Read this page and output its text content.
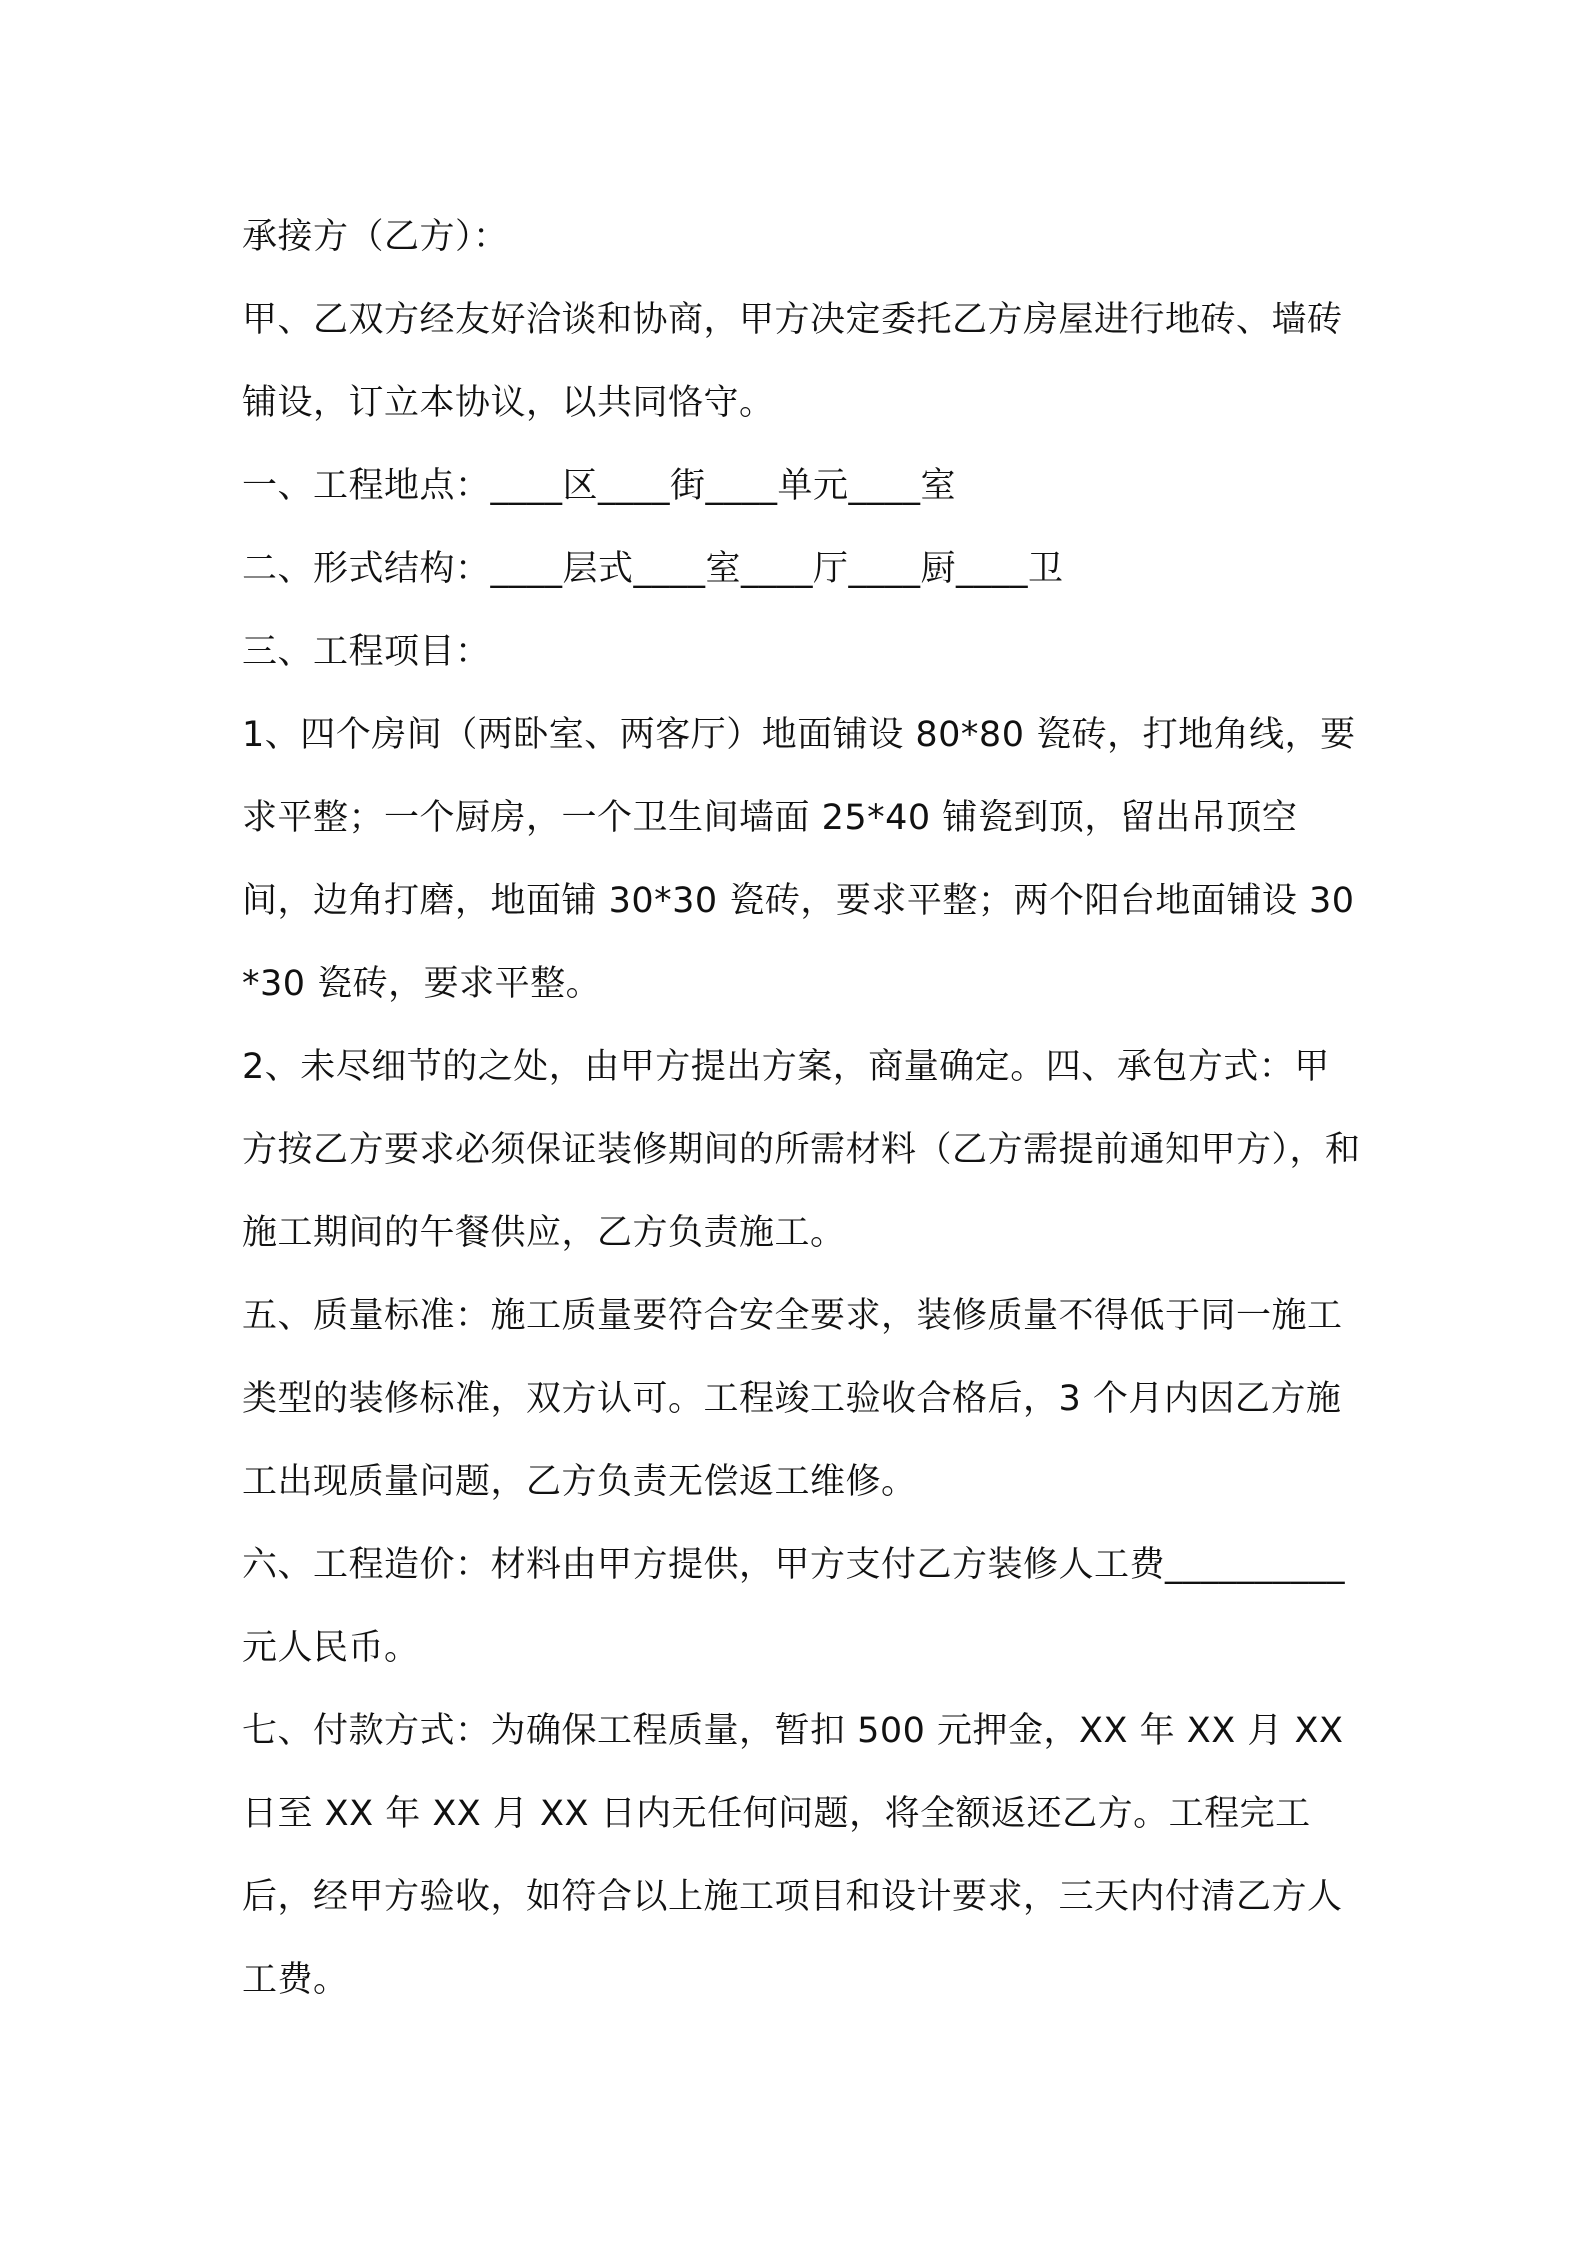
承接方（乙方）：

甲、乙双方经友好洽谈和协商，甲方决定委托乙方房屋进行地砖、墙砖铺设，订立本协议，以共同恪守。

一、工程地点：____区____街____单元____室

二、形式结构：____层式____室____厅____厨____卫

三、工程项目：

1、四个房间（两卧室、两客厅）地面铺设 80*80 瓷砖，打地角线，要求平整；一个厨房，一个卫生间墙面 25*40 铺瓷到顶，留出吊顶空间，边角打磨，地面铺 30*30 瓷砖，要求平整；两个阳台地面铺设 30*30 瓷砖，要求平整。

2、未尽细节的之处，由甲方提出方案，商量确定。四、承包方式：甲方按乙方要求必须保证装修期间的所需材料（乙方需提前通知甲方），和施工期间的午餐供应，乙方负责施工。

五、质量标准：施工质量要符合安全要求，装修质量不得低于同一施工类型的装修标准，双方认可。工程竣工验收合格后，3 个月内因乙方施工出现质量问题，乙方负责无偿返工维修。

六、工程造价：材料由甲方提供，甲方支付乙方装修人工费__________元人民币。

七、付款方式：为确保工程质量，暂扣 500 元押金，XX 年 XX 月 XX 日至 XX 年 XX 月 XX 日内无任何问题，将全额返还乙方。工程完工后，经甲方验收，如符合以上施工项目和设计要求，三天内付清乙方人工费。
